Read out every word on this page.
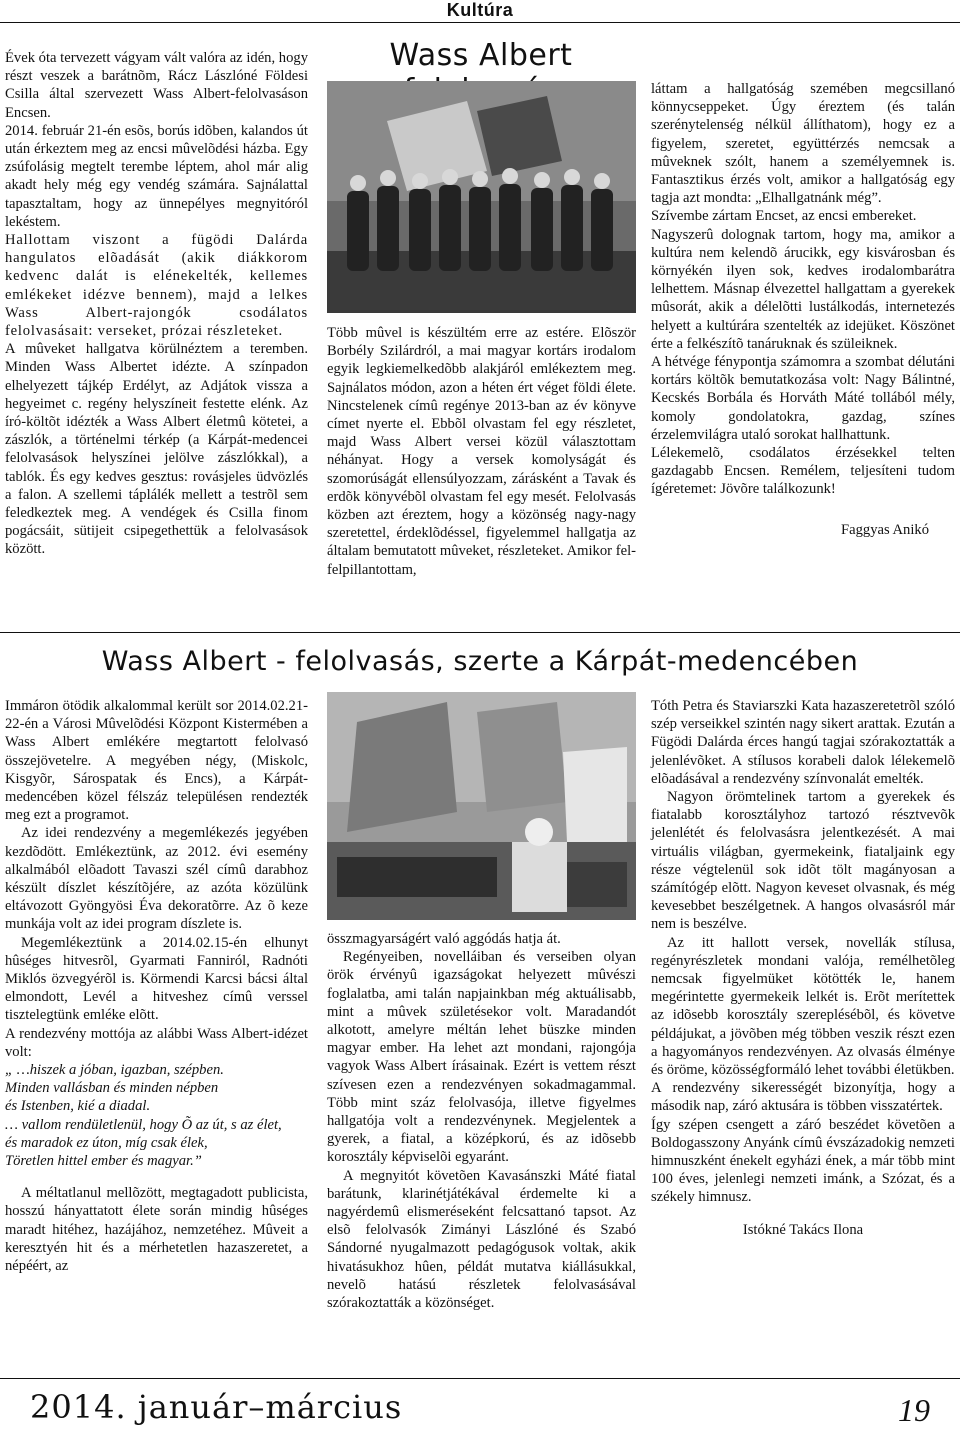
Kultúra
Wass Albert

Évek óta tervezett vágyam vált valóra az idén, hogy részt veszek a barátnõm, Rácz Lászlóné Földesi Csilla által szervezett Wass Albert-felolvasáson Encsen.

2014. február 21-én esõs, borús idõben, kalandos út után érkeztem meg az encsi mûvelõdési házba. Egy zsúfolásig megtelt terembe léptem, ahol már alig akadt hely még egy vendég számára. Sajnálattal tapasztaltam, hogy az ünnepélyes megnyitóról lekéstem.

Hallottam viszont a fügödi Dalárda hangulatos elõadását (akik diákkorom kedvenc dalát is elénekelték, kellemes emlékeket idézve bennem), majd a lelkes Wass Albert-rajongók csodálatos felolvasásait: verseket, prózai részleteket.

A mûveket hallgatva körülnéztem a teremben. Minden Wass Albertet idézte. A színpadon elhelyezett tájkép Erdélyt, az Adjátok vissza a hegyeimet c. regény helyszíneit festette elénk. Az író-költõt idézték a Wass Albert életmû kötetei, a zászlók, a történelmi térkép (a Kárpát-medencei felolvasások helyszínei jelölve zászlókkal), a tablók. És egy kedves gesztus: rovásjeles üdvözlés a falon. A szellemi táplálék mellett a testrõl sem feledkeztek meg. A vendégek és Csilla finom pogácsáit, sütijeit csipegethettük a felolvasások között.

Több mûvel is készültém erre az estére. Elõször Borbély Szilárdról, a mai magyar kortárs irodalom egyik legkiemelkedõbb alakjáról emlékeztem meg. Sajnálatos módon, azon a héten ért véget földi élete. Nincstelenek címû regénye 2013-ban az év könyve címet nyerte el. Ebbõl olvastam fel egy részletet, majd Wass Albert versei közül választottam néhányat. Hogy a versek komolyságát és szomorúságát ellensúlyozzam, zárásként a Tavak és erdõk könyvébõl olvastam fel egy mesét. Felolvasás közben azt éreztem, hogy a közönség nagy-nagy szeretettel, érdeklõdéssel, figyelemmel hallgatja az általam bemutatott mûveket, részleteket. Amikor fel-felpillantottam,

láttam a hallgatóság szemében megcsillanó könnycseppeket. Úgy éreztem (és talán szerénytelenség nélkül állíthatom), hogy ez a figyelem, szeretet, együttérzés nemcsak a mûveknek szólt, hanem a személyemnek is. Fantasztikus érzés volt, amikor a hallgatóság egy tagja azt mondta: „Elhallgatnánk még”.

Szívembe zártam Encset, az encsi embereket.

Nagyszerû dolognak tartom, hogy ma, amikor a kultúra nem kelendõ árucikk, egy kisvárosban és környékén ilyen sok, kedves irodalombarátra lelhettem. Másnap élvezettel hallgattam a gyerekek mûsorát, akik a délelõtti lustálkodás, internetezés helyett a kultúrára szentelték az idejüket. Köszönet érte a felkészítõ tanáruknak és szüleiknek.

A hétvége fénypontja számomra a szombat délutáni kortárs költõk bemutatkozása volt: Nagy Bálintné, Kecskés Borbála és Horváth Máté tollából mély, komoly gondolatokra, gazdag, színes érzelemvilágra utaló sorokat hallhattunk.

Lélekemelõ, csodálatos érzésekkel telten gazdagabb Encsen. Remélem, teljesíteni tudom ígéretemet: Jövõre találkozunk!

Faggyas Anikó
Wass Albert - felolvasás, szerte a Kárpát-medencében

Immáron ötödik alkalommal került sor 2014.02.21-22-én a Városi Mûvelõdési Központ Kistermében a Wass Albert emlékére megtartott felolvasó összejövetelre. A megyében négy, (Miskolc, Kisgyõr, Sárospatak és Encs), a Kárpát-medencében közel félszáz településen rendezték meg ezt a programot.

Az idei rendezvény a megemlékezés jegyében kezdõdött. Emlékeztünk, az 2012. évi esemény alkalmából elõadott Tavaszi szél címû darabhoz készült díszlet készítõjére, az azóta közülünk eltávozott Gyöngyösi Éva dekoratõrre. Az õ keze munkája volt az idei program díszlete is.

Megemlékeztünk a 2014.02.15-én elhunyt hûséges hitvesrõl, Gyarmati Fanniról, Radnóti Miklós özvegyérõl is. Körmendi Karcsi bácsi által elmondott, Levél a hitveshez címû verssel tisztelegtünk emléke elõtt.

A rendezvény mottója az alábbi Wass Albert-idézet volt:

„ …hiszek a jóban, igazban, szépben.
Minden vallásban és minden népben
és Istenben, kié a diadal.
… vallom rendületlenül, hogy Õ az út, s az élet,
és maradok ez úton, míg csak élek,
Töretlen hittel ember és magyar.”

A méltatlanul mellõzött, megtagadott publicista, hosszú hányattatott élete során mindig hûséges maradt hitéhez, hazájához, nemzetéhez. Mûveit a keresztyén hit és a mérhetetlen hazaszeretet, a népéért, az

összmagyarságért való aggódás hatja át.

Regényeiben, novelláiban és verseiben olyan örök érvényû igazságokat helyezett mûvészi foglalatba, ami talán napjainkban még aktuálisabb, mint a mûvek születésekor volt. Maradandót alkotott, amelyre méltán lehet büszke minden magyar ember. Ha lehet azt mondani, rajongója vagyok Wass Albert írásainak. Ezért is vettem részt szívesen ezen a rendezvényen sokadmagammal. Több mint száz felolvasója, illetve figyelmes hallgatója volt a rendezvénynek. Megjelentek a gyerek, a fiatal, a középkorú, és az idõsebb korosztály képviselõi egyaránt.

A megnyitót követõen Kavasánszki Máté fiatal barátunk, klarinétjátékával érdemelte ki a nagyérdemû elismeréseként felcsattanó tapsot. Az elsõ felolvasók Zimányi Lászlóné és Szabó Sándorné nyugalmazott pedagógusok voltak, akik hivatásukhoz hûen, példát mutatva kiállásukkal, nevelõ hatású részletek felolvasásával szórakoztatták a közönséget.

Tóth Petra és Staviarszki Kata hazaszeretetrõl szóló szép verseikkel szintén nagy sikert arattak. Ezután a Fügödi Dalárda érces hangú tagjai szórakoztatták a jelenlévõket. A stílusos korabeli dalok lélekemelõ elõadásával a rendezvény színvonalát emelték.

Nagyon örömtelinek tartom a gyerekek és fiatalabb korosztályhoz tartozó résztvevõk jelenlétét és felolvasásra jelentkezését. A mai virtuális világban, gyermekeink, fiataljaink egy része végtelenül sok idõt tölt magányosan a számítógép elõtt. Nagyon keveset olvasnak, és még kevesebbet beszélgetnek. A hangos olvasásról már nem is beszélve.

Az itt hallott versek, novellák stílusa, regényrészletek mondani valója, remélhetõleg nemcsak figyelmüket kötötték le, hanem megérintette gyermekeik lelkét is. Erõt merítettek az idõsebb korosztály szereplésébõl, és követve példájukat, a jövõben még többen veszik részt ezen a hagyományos rendezvényen. Az olvasás élménye és öröme, közösségformáló lehet további életükben.

A rendezvény sikerességét bizonyítja, hogy a második nap, záró aktusára is többen visszatértek.

Így szépen csengett a záró beszédet követõen a Boldogasszony Anyánk címû évszázadokig nemzeti himnuszként énekelt egyházi ének, a már több mint 100 éves, jelenlegi nemzeti imánk, a Szózat, és a székely himnusz.

Istókné Takács Ilona
2014. január–március	19
